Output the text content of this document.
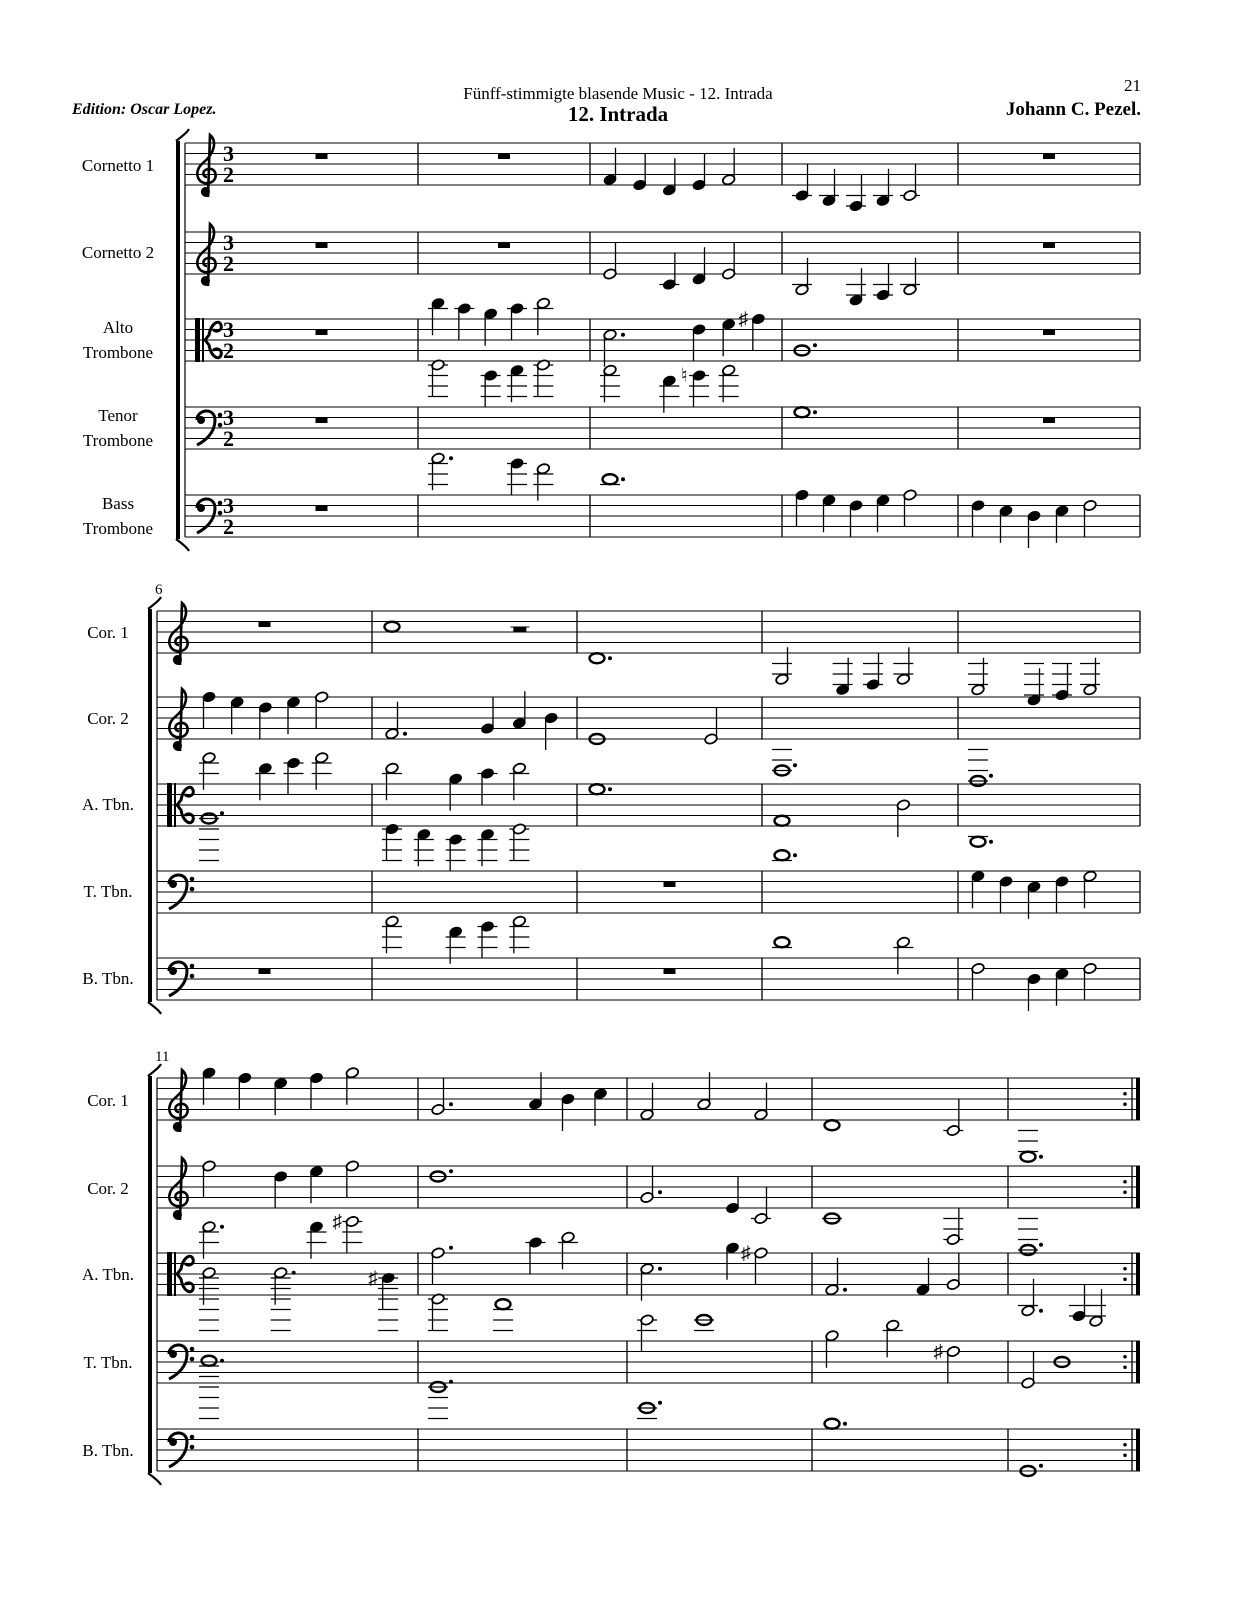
Fünff-stimmigte blasende Music - 12. Intrada
12. Intrada
21
Edition: Oscar Lopez.	Johann C. Pezel.
Cornetto 1	3
2
Cornetto 2	3
2
Alto
Trombone
3
2
Tenor
Trombone
3
2
Bass
Trombone
3
2
♯
♮
6
Cor. 1
Cor. 2
A. Tbn.
T. Tbn.
B. Tbn.
11
Cor. 1
Cor. 2
A. Tbn.
T. Tbn.
B. Tbn.
♯
♯
♯
♯
